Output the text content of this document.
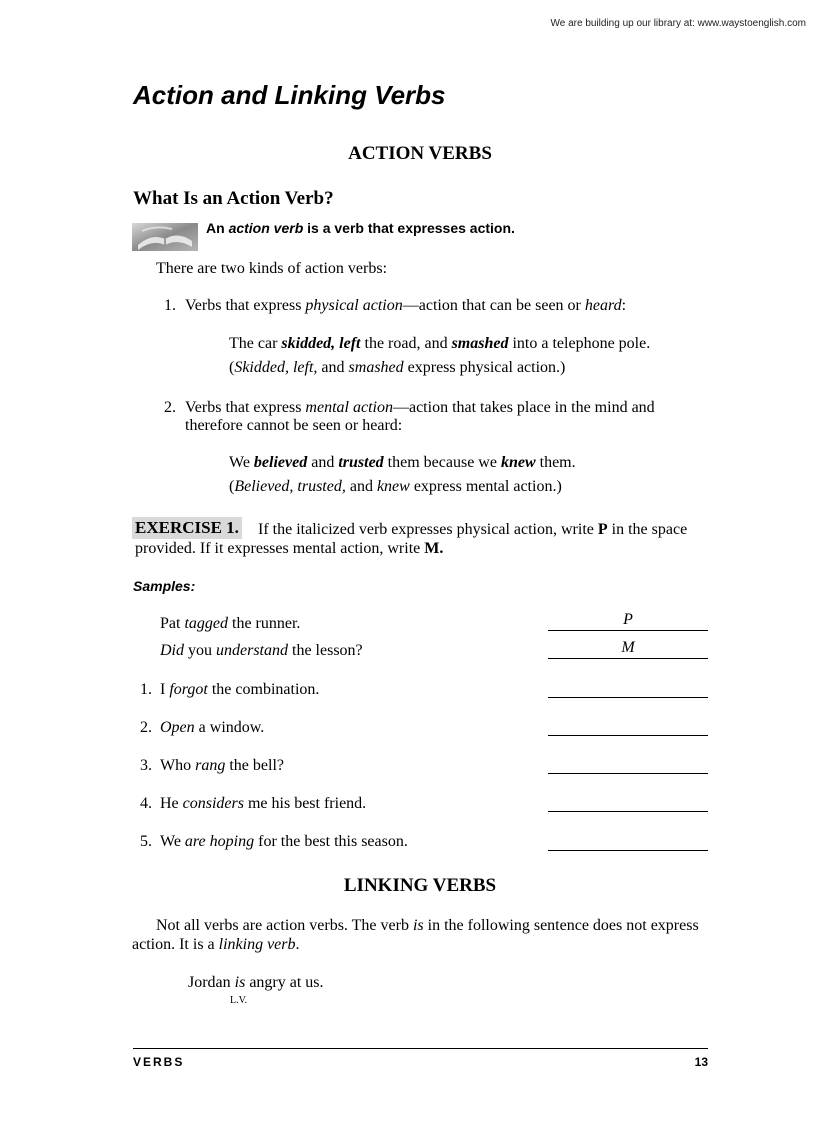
We are building up our library at: www.waystoenglish.com
Action and Linking Verbs
ACTION VERBS
What Is an Action Verb?
An action verb is a verb that expresses action.
There are two kinds of action verbs:
1. Verbs that express physical action—action that can be seen or heard:
The car skidded, left the road, and smashed into a telephone pole.
(Skidded, left, and smashed express physical action.)
2. Verbs that express mental action—action that takes place in the mind and
therefore cannot be seen or heard:
We believed and trusted them because we knew them.
(Believed, trusted, and knew express mental action.)
EXERCISE 1. If the italicized verb expresses physical action, write P in the space
provided. If it expresses mental action, write M.
Samples:
Pat tagged the runner.	P
Did you understand the lesson?	M
1. I forgot the combination.
2. Open a window.
3. Who rang the bell?
4. He considers me his best friend.
5. We are hoping for the best this season.
LINKING VERBS
Not all verbs are action verbs. The verb is in the following sentence does not express
action. It is a linking verb.
Jordan is angry at us.
L.V.
VERBS	13
